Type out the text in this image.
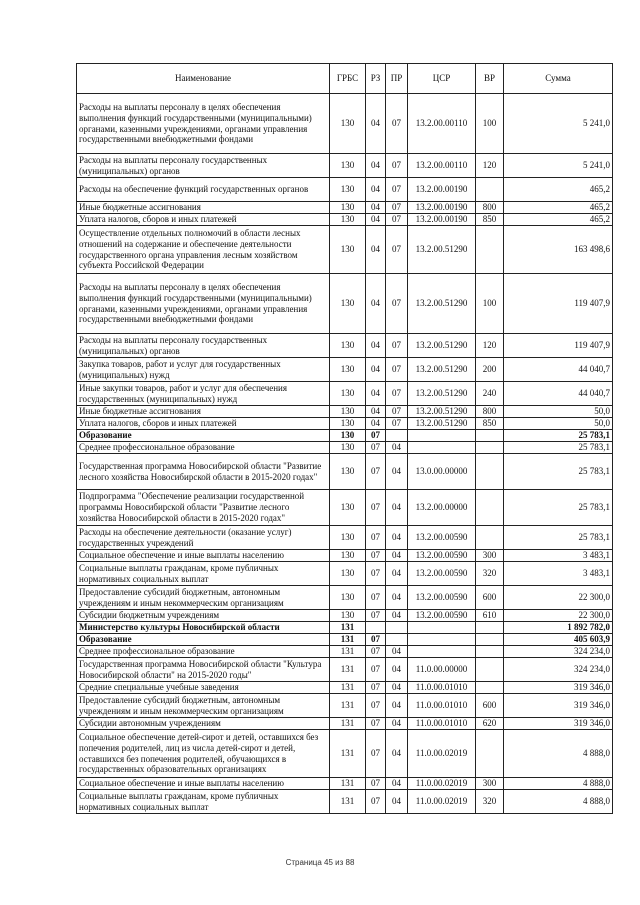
Наименование	ГРБС	РЗ	ПР	ЦСР	ВР	Сумма
Расходы на выплаты персоналу в целях обеспечения выполнения функций государственными (муниципальными) органами, казенными учреждениями, органами управления государственными внебюджетными фондами	130	04	07	13.2.00.00110	100	5 241,0
Расходы на выплаты персоналу государственных (муниципальных) органов	130	04	07	13.2.00.00110	120	5 241,0
Расходы на обеспечение функций государственных органов	130	04	07	13.2.00.00190		465,2
Иные бюджетные ассигнования	130	04	07	13.2.00.00190	800	465,2
Уплата налогов, сборов и иных платежей	130	04	07	13.2.00.00190	850	465,2
Осуществление отдельных полномочий в области лесных отношений на содержание и обеспечение деятельности государственного органа управления лесным хозяйством субъекта Российской Федерации	130	04	07	13.2.00.51290		163 498,6
Расходы на выплаты персоналу в целях обеспечения выполнения функций государственными (муниципальными) органами, казенными учреждениями, органами управления государственными внебюджетными фондами	130	04	07	13.2.00.51290	100	119 407,9
Расходы на выплаты персоналу государственных (муниципальных) органов	130	04	07	13.2.00.51290	120	119 407,9
Закупка товаров, работ и услуг для государственных (муниципальных) нужд	130	04	07	13.2.00.51290	200	44 040,7
Иные закупки товаров, работ и услуг для обеспечения государственных (муниципальных) нужд	130	04	07	13.2.00.51290	240	44 040,7
Иные бюджетные ассигнования	130	04	07	13.2.00.51290	800	50,0
Уплата налогов, сборов и иных платежей	130	04	07	13.2.00.51290	850	50,0
Образование	130	07				25 783,1
Среднее профессиональное образование	130	07	04			25 783,1
Государственная программа Новосибирской области "Развитие лесного хозяйства Новосибирской области в 2015-2020 годах"	130	07	04	13.0.00.00000		25 783,1
Подпрограмма "Обеспечение реализации государственной программы Новосибирской области "Развитие лесного хозяйства Новосибирской области в 2015-2020 годах"	130	07	04	13.2.00.00000		25 783,1
Расходы на обеспечение деятельности (оказание услуг) государственных учреждений	130	07	04	13.2.00.00590		25 783,1
Социальное обеспечение и иные выплаты населению	130	07	04	13.2.00.00590	300	3 483,1
Социальные выплаты гражданам, кроме публичных нормативных социальных выплат	130	07	04	13.2.00.00590	320	3 483,1
Предоставление субсидий бюджетным, автономным учреждениям и иным некоммерческим организациям	130	07	04	13.2.00.00590	600	22 300,0
Субсидии бюджетным учреждениям	130	07	04	13.2.00.00590	610	22 300,0
Министерство культуры Новосибирской области	131					1 892 782,0
Образование	131	07				405 603,9
Среднее профессиональное образование	131	07	04			324 234,0
Государственная программа Новосибирской области "Культура Новосибирской области" на 2015-2020 годы"	131	07	04	11.0.00.00000		324 234,0
Средние специальные учебные заведения	131	07	04	11.0.00.01010		319 346,0
Предоставление субсидий бюджетным, автономным учреждениям и иным некоммерческим организациям	131	07	04	11.0.00.01010	600	319 346,0
Субсидии автономным учреждениям	131	07	04	11.0.00.01010	620	319 346,0
Социальное обеспечение детей-сирот и детей, оставшихся без попечения родителей, лиц из числа детей-сирот и детей, оставшихся без попечения родителей, обучающихся в государственных образовательных организациях	131	07	04	11.0.00.02019		4 888,0
Социальное обеспечение и иные выплаты населению	131	07	04	11.0.00.02019	300	4 888,0
Социальные выплаты гражданам, кроме публичных нормативных социальных выплат	131	07	04	11.0.00.02019	320	4 888,0
Страница 45 из 88
